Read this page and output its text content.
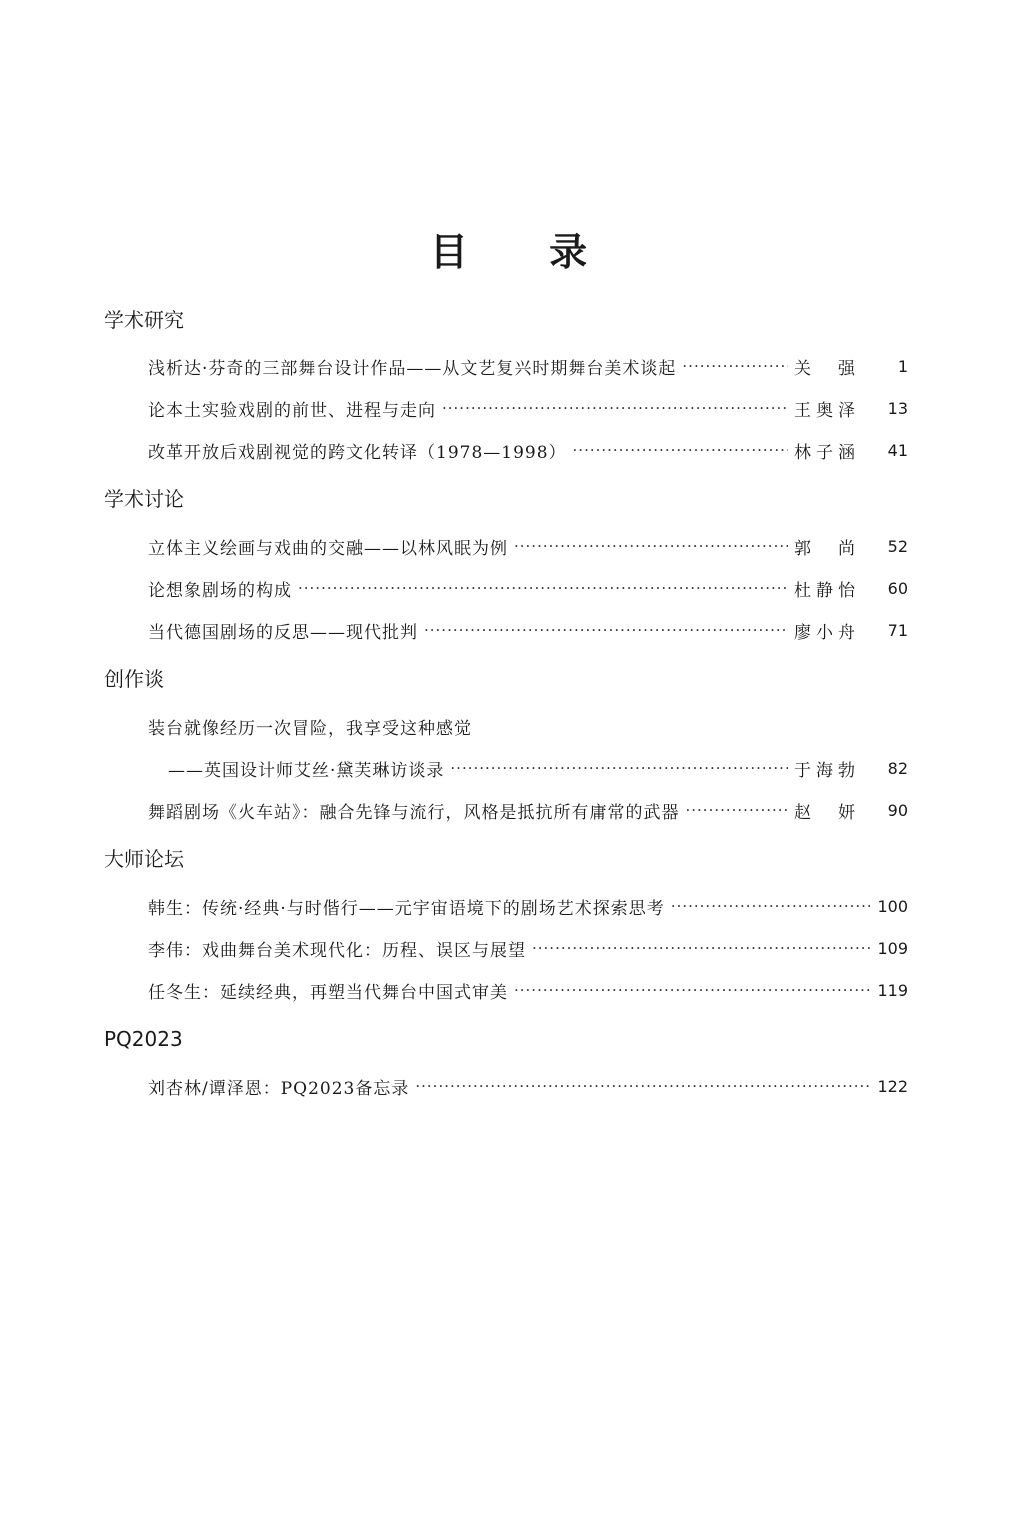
目 录
学术研究
浅析达·芬奇的三部舞台设计作品——从文艺复兴时期舞台美术谈起 ·····	关 强	1
论本土实验戏剧的前世、进程与走向 ·····	王奥泽	13
改革开放后戏剧视觉的跨文化转译（1978—1998） ·····	林子涵	41
学术讨论
立体主义绘画与戏曲的交融——以林风眠为例 ·····	郭 尚	52
论想象剧场的构成 ·····	杜静怡	60
当代德国剧场的反思——现代批判 ·····	廖小舟	71
创作谈
装台就像经历一次冒险，我享受这种感觉
——英国设计师艾丝·黛芙琳访谈录 ·····	于海勃	82
舞蹈剧场《火车站》：融合先锋与流行，风格是抵抗所有庸常的武器 ·····	赵 妍	90
大师论坛
韩生：传统·经典·与时偕行——元宇宙语境下的剧场艺术探索思考 ·····	100
李伟：戏曲舞台美术现代化：历程、误区与展望 ·····	109
任冬生：延续经典，再塑当代舞台中国式审美 ·····	119
PQ2023
刘杏林/谭泽恩：PQ2023备忘录 ·····	122
